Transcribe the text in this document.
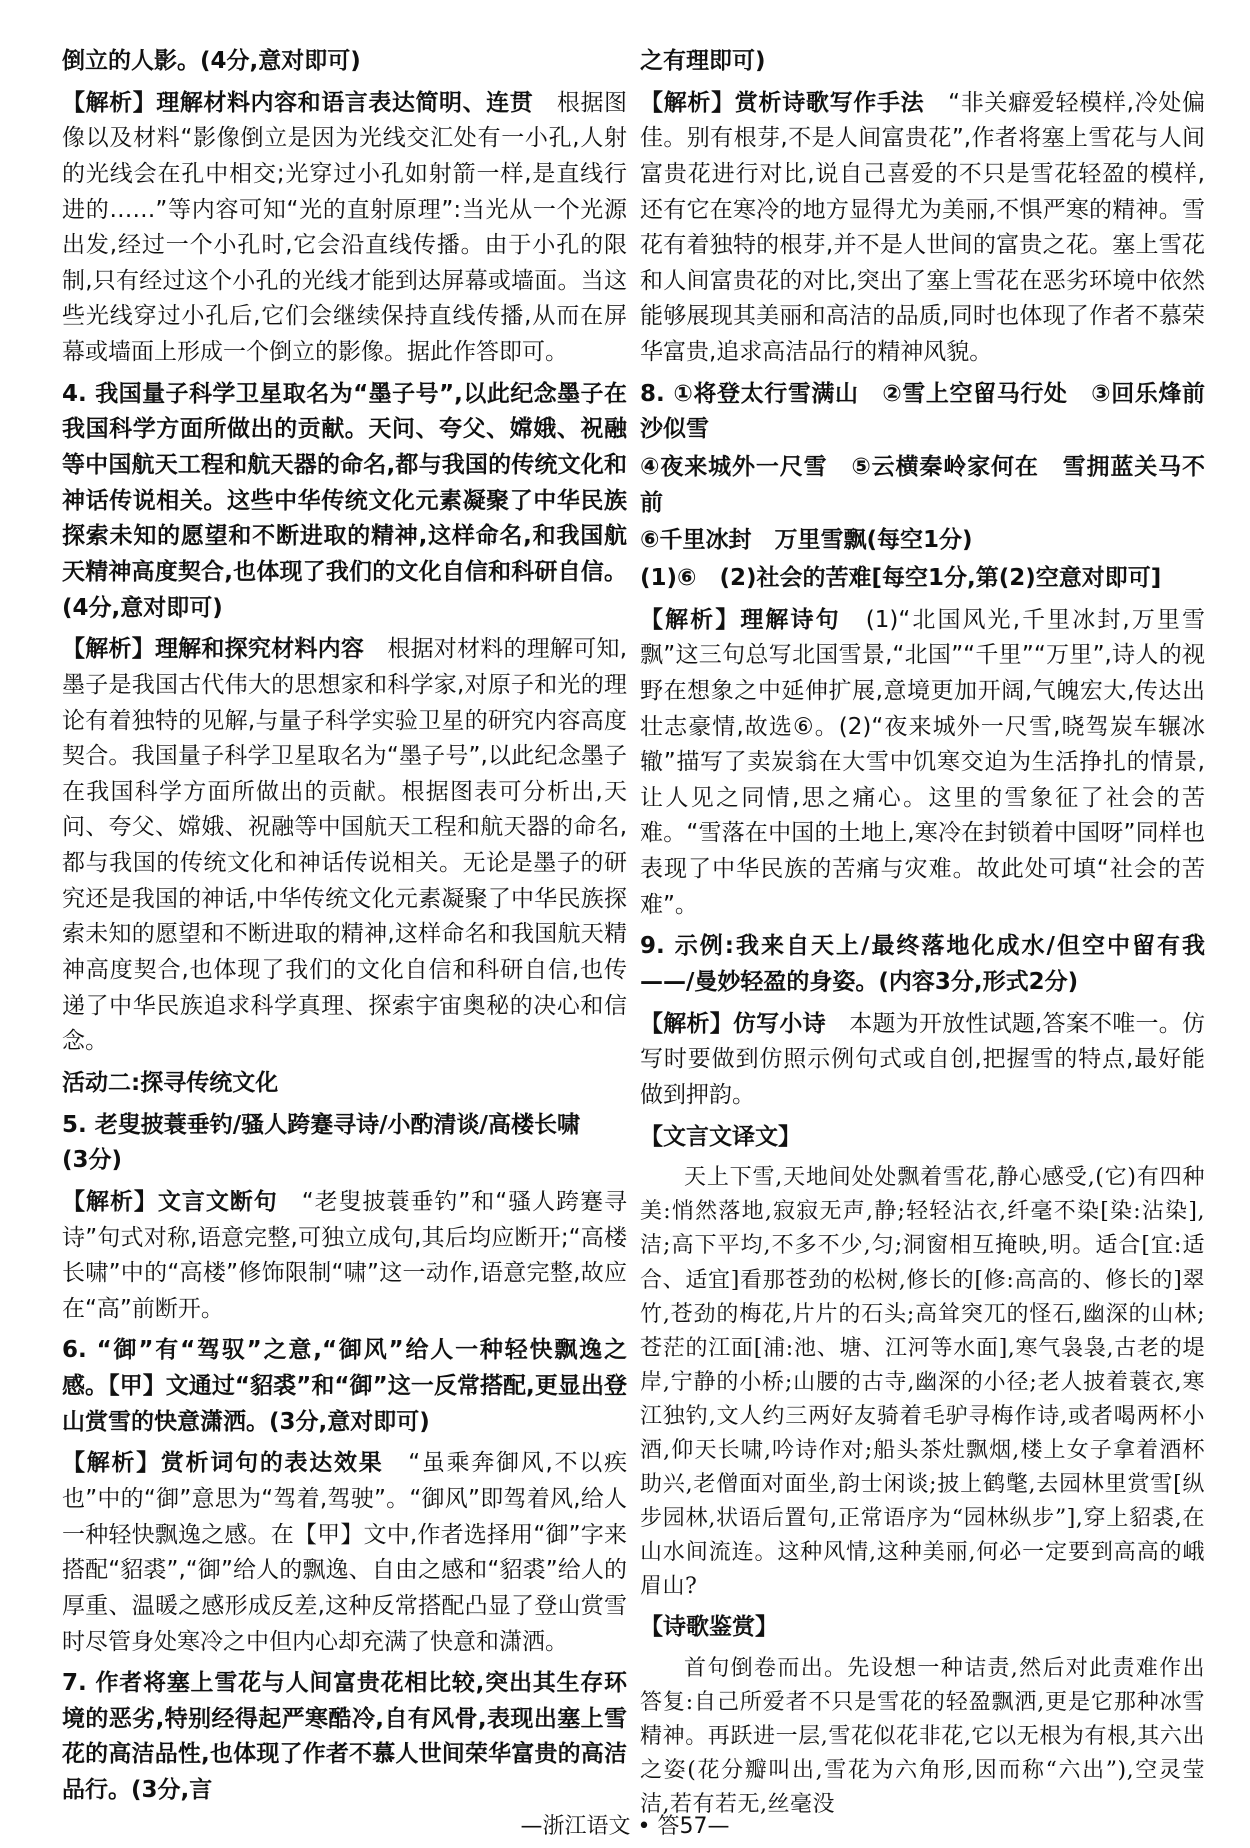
倒立的人影。(4分,意对即可)

【解析】理解材料内容和语言表达简明、连贯　根据图像以及材料“影像倒立是因为光线交汇处有一小孔,人射的光线会在孔中相交;光穿过小孔如射箭一样,是直线行进的……”等内容可知“光的直射原理”:当光从一个光源出发,经过一个小孔时,它会沿直线传播。由于小孔的限制,只有经过这个小孔的光线才能到达屏幕或墙面。当这些光线穿过小孔后,它们会继续保持直线传播,从而在屏幕或墙面上形成一个倒立的影像。据此作答即可。

4. 我国量子科学卫星取名为“墨子号”,以此纪念墨子在我国科学方面所做出的贡献。天问、夸父、嫦娥、祝融等中国航天工程和航天器的命名,都与我国的传统文化和神话传说相关。这些中华传统文化元素凝聚了中华民族探索未知的愿望和不断进取的精神,这样命名,和我国航天精神高度契合,也体现了我们的文化自信和科研自信。(4分,意对即可)

【解析】理解和探究材料内容　根据对材料的理解可知,墨子是我国古代伟大的思想家和科学家,对原子和光的理论有着独特的见解,与量子科学实验卫星的研究内容高度契合。我国量子科学卫星取名为“墨子号”,以此纪念墨子在我国科学方面所做出的贡献。根据图表可分析出,天问、夸父、嫦娥、祝融等中国航天工程和航天器的命名,都与我国的传统文化和神话传说相关。无论是墨子的研究还是我国的神话,中华传统文化元素凝聚了中华民族探索未知的愿望和不断进取的精神,这样命名和我国航天精神高度契合,也体现了我们的文化自信和科研自信,也传递了中华民族追求科学真理、探索宇宙奥秘的决心和信念。

活动二:探寻传统文化

5. 老叟披蓑垂钓/骚人跨蹇寻诗/小酌清谈/高楼长啸

(3分)

【解析】文言文断句　“老叟披蓑垂钓”和“骚人跨蹇寻诗”句式对称,语意完整,可独立成句,其后均应断开;“高楼长啸”中的“高楼”修饰限制“啸”这一动作,语意完整,故应在“高”前断开。

6. “御”有“驾驭”之意,“御风”给人一种轻快飘逸之感。【甲】文通过“貂裘”和“御”这一反常搭配,更显出登山赏雪的快意潇洒。(3分,意对即可)

【解析】赏析词句的表达效果　“虽乘奔御风,不以疾也”中的“御”意思为“驾着,驾驶”。“御风”即驾着风,给人一种轻快飘逸之感。在【甲】文中,作者选择用“御”字来搭配“貂裘”,“御”给人的飘逸、自由之感和“貂裘”给人的厚重、温暖之感形成反差,这种反常搭配凸显了登山赏雪时尽管身处寒冷之中但内心却充满了快意和潇洒。

7. 作者将塞上雪花与人间富贵花相比较,突出其生存环境的恶劣,特别经得起严寒酷冷,自有风骨,表现出塞上雪花的高洁品性,也体现了作者不慕人世间荣华富贵的高洁品行。(3分,言

之有理即可)

【解析】赏析诗歌写作手法　“非关癖爱轻模样,冷处偏佳。别有根芽,不是人间富贵花”,作者将塞上雪花与人间富贵花进行对比,说自己喜爱的不只是雪花轻盈的模样,还有它在寒冷的地方显得尤为美丽,不惧严寒的精神。雪花有着独特的根芽,并不是人世间的富贵之花。塞上雪花和人间富贵花的对比,突出了塞上雪花在恶劣环境中依然能够展现其美丽和高洁的品质,同时也体现了作者不慕荣华富贵,追求高洁品行的精神风貌。

8. ①将登太行雪满山　②雪上空留马行处　③回乐烽前沙似雪

④夜来城外一尺雪　⑤云横秦岭家何在　雪拥蓝关马不前

⑥千里冰封　万里雪飘(每空1分)

(1)⑥　(2)社会的苦难[每空1分,第(2)空意对即可]

【解析】理解诗句　(1)“北国风光,千里冰封,万里雪飘”这三句总写北国雪景,“北国”“千里”“万里”,诗人的视野在想象之中延伸扩展,意境更加开阔,气魄宏大,传达出壮志豪情,故选⑥。(2)“夜来城外一尺雪,晓驾炭车辗冰辙”描写了卖炭翁在大雪中饥寒交迫为生活挣扎的情景,让人见之同情,思之痛心。这里的雪象征了社会的苦难。“雪落在中国的土地上,寒冷在封锁着中国呀”同样也表现了中华民族的苦痛与灾难。故此处可填“社会的苦难”。

9. 示例:我来自天上/最终落地化成水/但空中留有我——/曼妙轻盈的身姿。(内容3分,形式2分)

【解析】仿写小诗　本题为开放性试题,答案不唯一。仿写时要做到仿照示例句式或自创,把握雪的特点,最好能做到押韵。

【文言文译文】

天上下雪,天地间处处飘着雪花,静心感受,(它)有四种美:悄然落地,寂寂无声,静;轻轻沾衣,纤毫不染[染:沾染],洁;高下平均,不多不少,匀;洞窗相互掩映,明。适合[宜:适合、适宜]看那苍劲的松树,修长的[修:高高的、修长的]翠竹,苍劲的梅花,片片的石头;高耸突兀的怪石,幽深的山林;苍茫的江面[浦:池、塘、江河等水面],寒气袅袅,古老的堤岸,宁静的小桥;山腰的古寺,幽深的小径;老人披着蓑衣,寒江独钓,文人约三两好友骑着毛驴寻梅作诗,或者喝两杯小酒,仰天长啸,吟诗作对;船头茶灶飘烟,楼上女子拿着酒杯助兴,老僧面对面坐,韵士闲谈;披上鹤氅,去园林里赏雪[纵步园林,状语后置句,正常语序为“园林纵步”],穿上貂裘,在山水间流连。这种风情,这种美丽,何必一定要到高高的峨眉山?

【诗歌鉴赏】

首句倒卷而出。先设想一种诘责,然后对此责难作出答复:自己所爱者不只是雪花的轻盈飘洒,更是它那种冰雪精神。再跃进一层,雪花似花非花,它以无根为有根,其六出之姿(花分瓣叫出,雪花为六角形,因而称“六出”),空灵莹洁,若有若无,丝毫没

—浙江语文 • 答57—
